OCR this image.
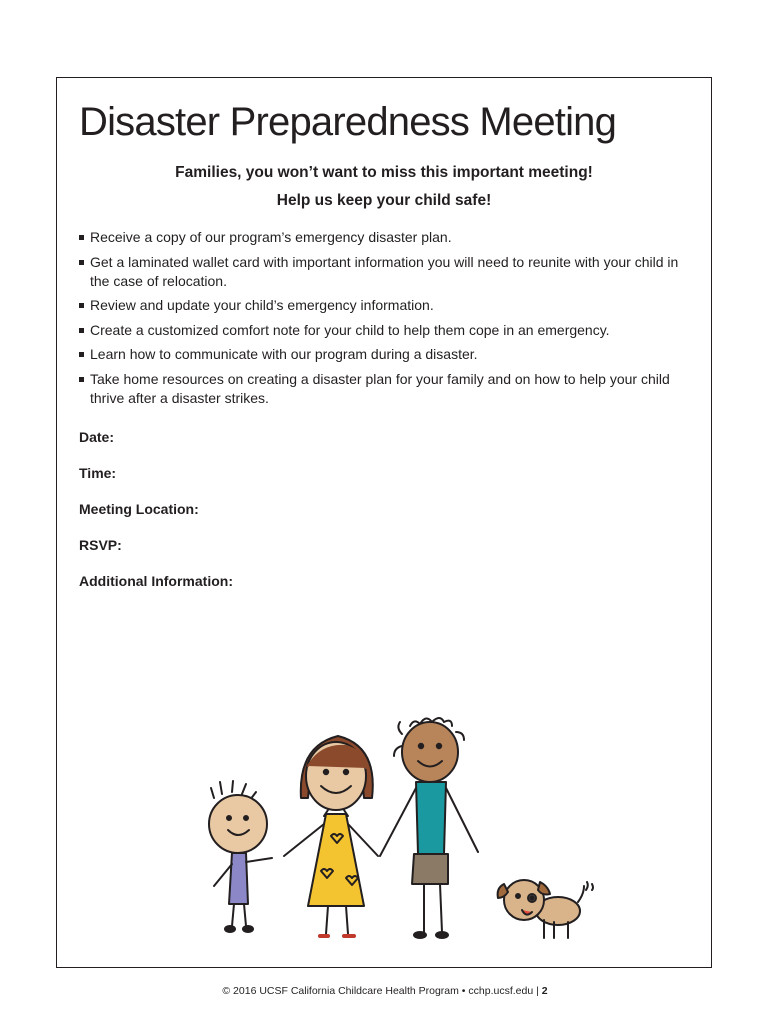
Disaster Preparedness Meeting

Families, you won’t want to miss this important meeting!

Help us keep your child safe!

Receive a copy of our program’s emergency disaster plan.
Get a laminated wallet card with important information you will need to reunite with your child in the case of relocation.
Review and update your child’s emergency information.
Create a customized comfort note for your child to help them cope in an emergency.
Learn how to communicate with our program during a disaster.
Take home resources on creating a disaster plan for your family and on how to help your child thrive after a disaster strikes.

Date:

Time:

Meeting Location:

RSVP:

Additional Information:

© 2016 UCSF California Childcare Health Program • cchp.ucsf.edu | 2
